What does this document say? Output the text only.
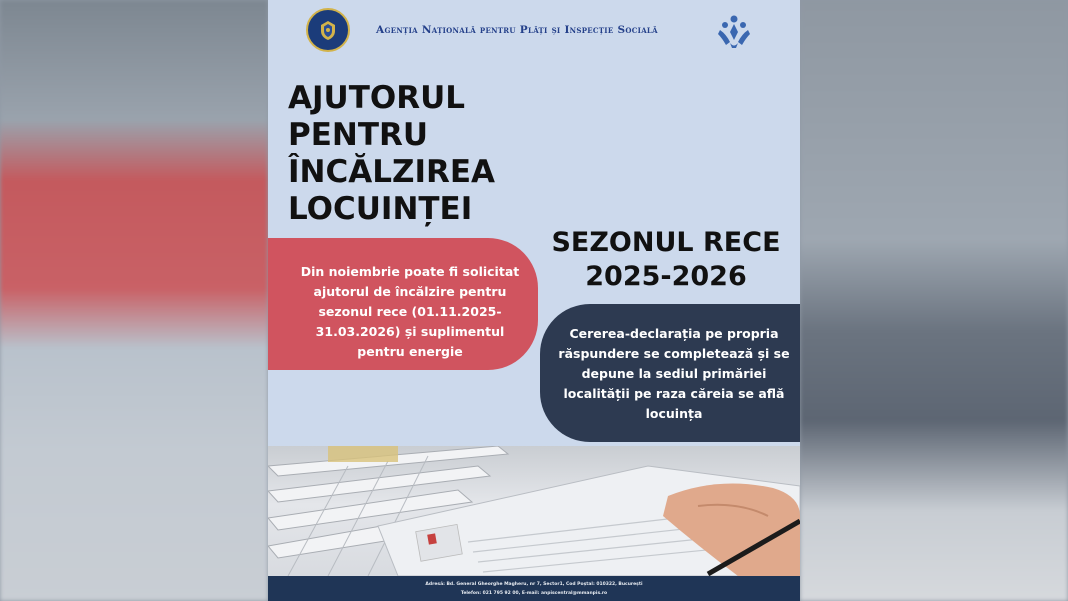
Agenția Națională pentru Plăți și Inspecție Socială
AJUTORUL
PENTRU
ÎNCĂLZIREA
LOCUINȚEI
SEZONUL RECE
2025-2026
Din noiembrie poate fi solicitat ajutorul de încălzire pentru sezonul rece (01.11.2025-31.03.2026) și suplimentul pentru energie
Cererea-declarația pe propria răspundere se completează și se depune la sediul primăriei localității pe raza căreia se află locuința
Adresă: Bd. General Gheorghe Magheru, nr 7, Sector1, Cod Poștal: 010322, București
Telefon: 021 795 92 00, E-mail: anpiscentral@mmanpis.ro
